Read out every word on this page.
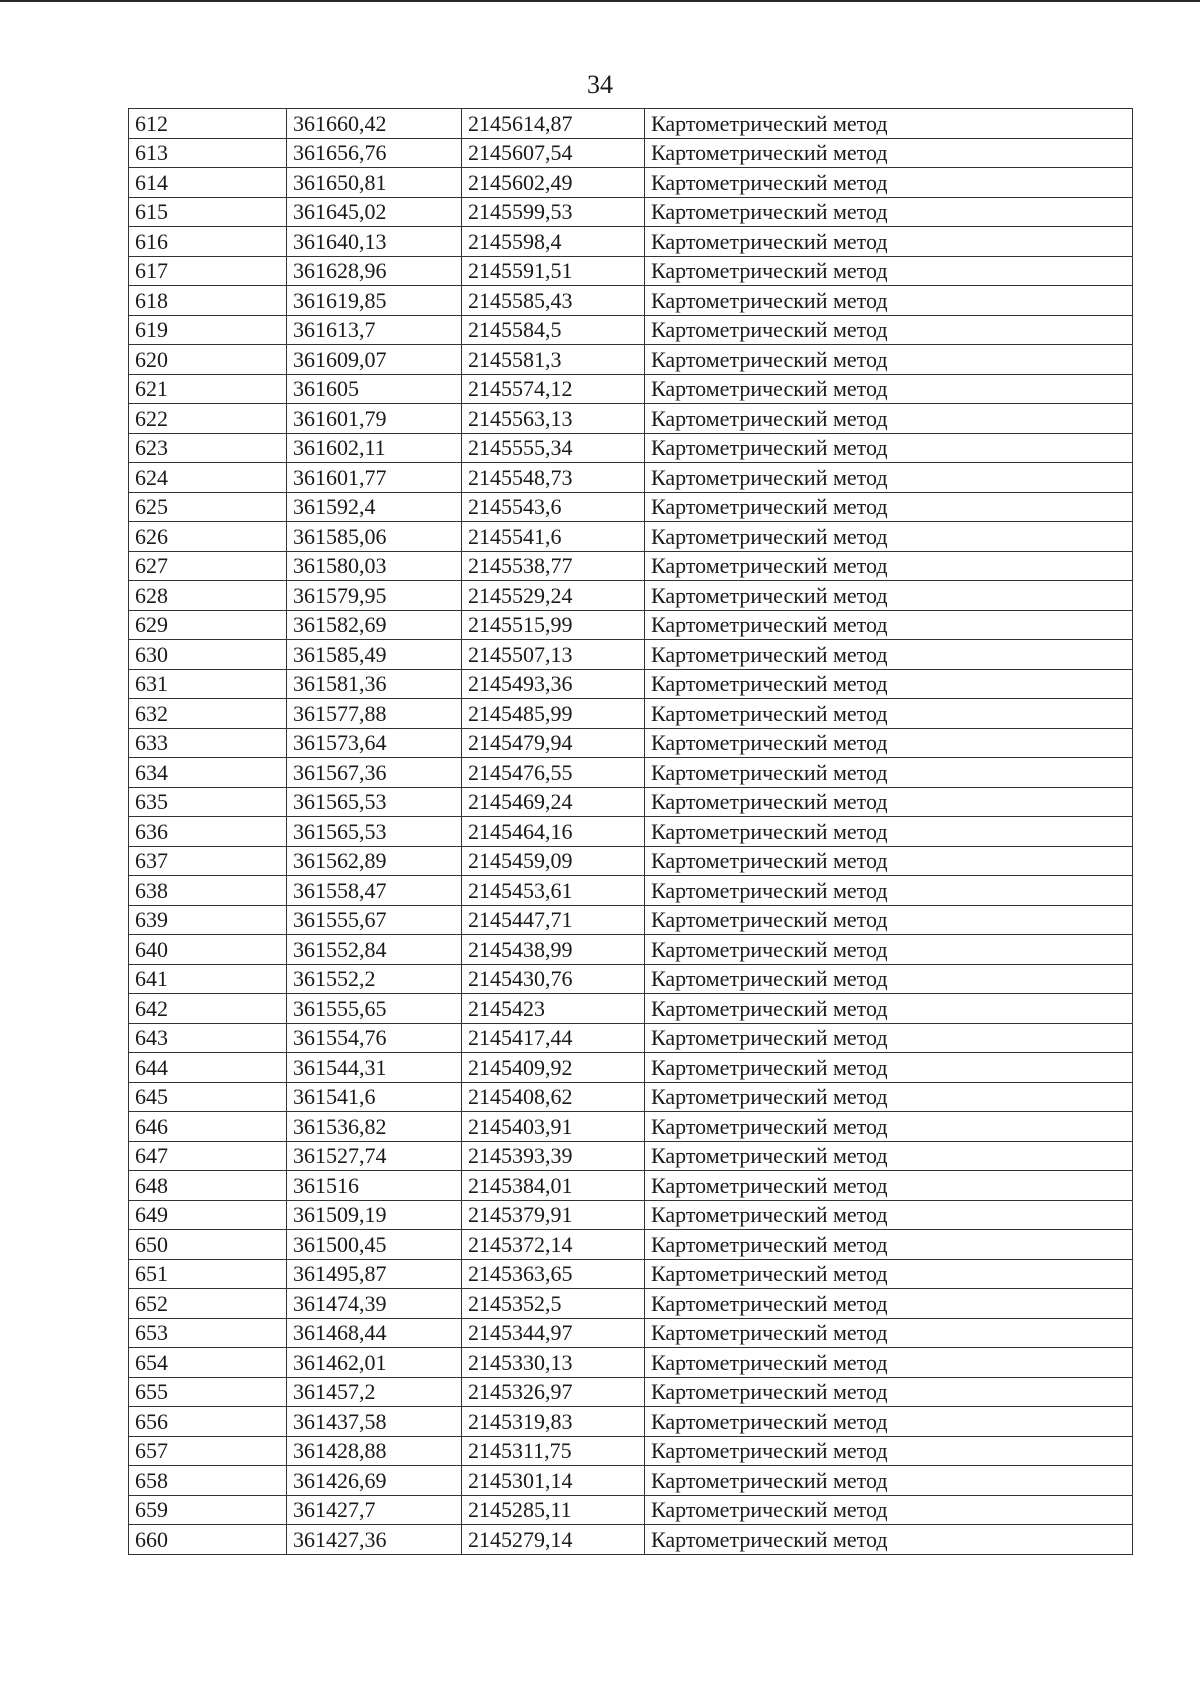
34
612	361660,42	2145614,87	Картометрический метод
613	361656,76	2145607,54	Картометрический метод
614	361650,81	2145602,49	Картометрический метод
615	361645,02	2145599,53	Картометрический метод
616	361640,13	2145598,4	Картометрический метод
617	361628,96	2145591,51	Картометрический метод
618	361619,85	2145585,43	Картометрический метод
619	361613,7	2145584,5	Картометрический метод
620	361609,07	2145581,3	Картометрический метод
621	361605	2145574,12	Картометрический метод
622	361601,79	2145563,13	Картометрический метод
623	361602,11	2145555,34	Картометрический метод
624	361601,77	2145548,73	Картометрический метод
625	361592,4	2145543,6	Картометрический метод
626	361585,06	2145541,6	Картометрический метод
627	361580,03	2145538,77	Картометрический метод
628	361579,95	2145529,24	Картометрический метод
629	361582,69	2145515,99	Картометрический метод
630	361585,49	2145507,13	Картометрический метод
631	361581,36	2145493,36	Картометрический метод
632	361577,88	2145485,99	Картометрический метод
633	361573,64	2145479,94	Картометрический метод
634	361567,36	2145476,55	Картометрический метод
635	361565,53	2145469,24	Картометрический метод
636	361565,53	2145464,16	Картометрический метод
637	361562,89	2145459,09	Картометрический метод
638	361558,47	2145453,61	Картометрический метод
639	361555,67	2145447,71	Картометрический метод
640	361552,84	2145438,99	Картометрический метод
641	361552,2	2145430,76	Картометрический метод
642	361555,65	2145423	Картометрический метод
643	361554,76	2145417,44	Картометрический метод
644	361544,31	2145409,92	Картометрический метод
645	361541,6	2145408,62	Картометрический метод
646	361536,82	2145403,91	Картометрический метод
647	361527,74	2145393,39	Картометрический метод
648	361516	2145384,01	Картометрический метод
649	361509,19	2145379,91	Картометрический метод
650	361500,45	2145372,14	Картометрический метод
651	361495,87	2145363,65	Картометрический метод
652	361474,39	2145352,5	Картометрический метод
653	361468,44	2145344,97	Картометрический метод
654	361462,01	2145330,13	Картометрический метод
655	361457,2	2145326,97	Картометрический метод
656	361437,58	2145319,83	Картометрический метод
657	361428,88	2145311,75	Картометрический метод
658	361426,69	2145301,14	Картометрический метод
659	361427,7	2145285,11	Картометрический метод
660	361427,36	2145279,14	Картометрический метод
